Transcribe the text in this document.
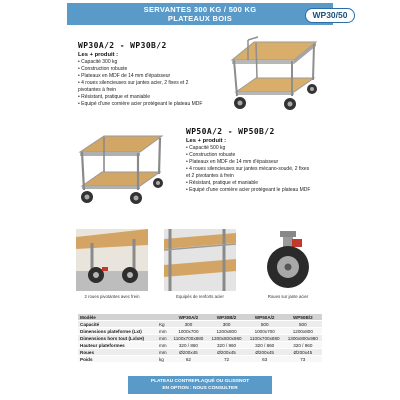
SERVANTES 300 KG / 500 KG
PLATEAUX BOIS	WP30/50
WP30A/2 - WP30B/2
Les + produit :
• Capacité 300 kg
• Construction robuste
• Plateaux en MDF de 14 mm d'épaisseur
• 4 roues silencieuses sur jantes acier, 2 fixes et 2
pivotantes à frein
• Résistant, pratique et maniable
• Equipé d'une cornière acier protégeant le plateau MDF
WP50A/2 - WP50B/2
Les + produit :
• Capacité 500 kg
• Construction robuste
• Plateaux en MDF de 14 mm d'épaisseur
• 4 roues silencieuses sur jantes mécano-soudé, 2 fixes
et 2 pivotantes à frein
• Résistant, pratique et maniable
• Equipé d'une cornière acier protégeant le plateau MDF
2 roues pivotantes avec frein	Equipés de renforts acier	Roues sur jante acier
Modèle		WP30A/2	WP30B/2	WP50A/2	WP50B/2
Capacité	Kg	300	300	500	500
Dimensions plateforme (LxI)	mm	1000x700	1200x800	1000x700	1200x800
Dimensions hors tout (LxlxH)	mm	1100x700x880	1300x800x980	1100x700x880	1300x800x980
Hauteur plateformes	mm	320 / 860	320 / 960	320 / 860	320 / 960
Roues	mm	Ø200x45	Ø200x45	Ø200x45	Ø200x45
Poids	kg	62	72	63	73
PLATEAU CONTREPLAQUÉ OU GLISSNOT
EN OPTION : NOUS CONSULTER
